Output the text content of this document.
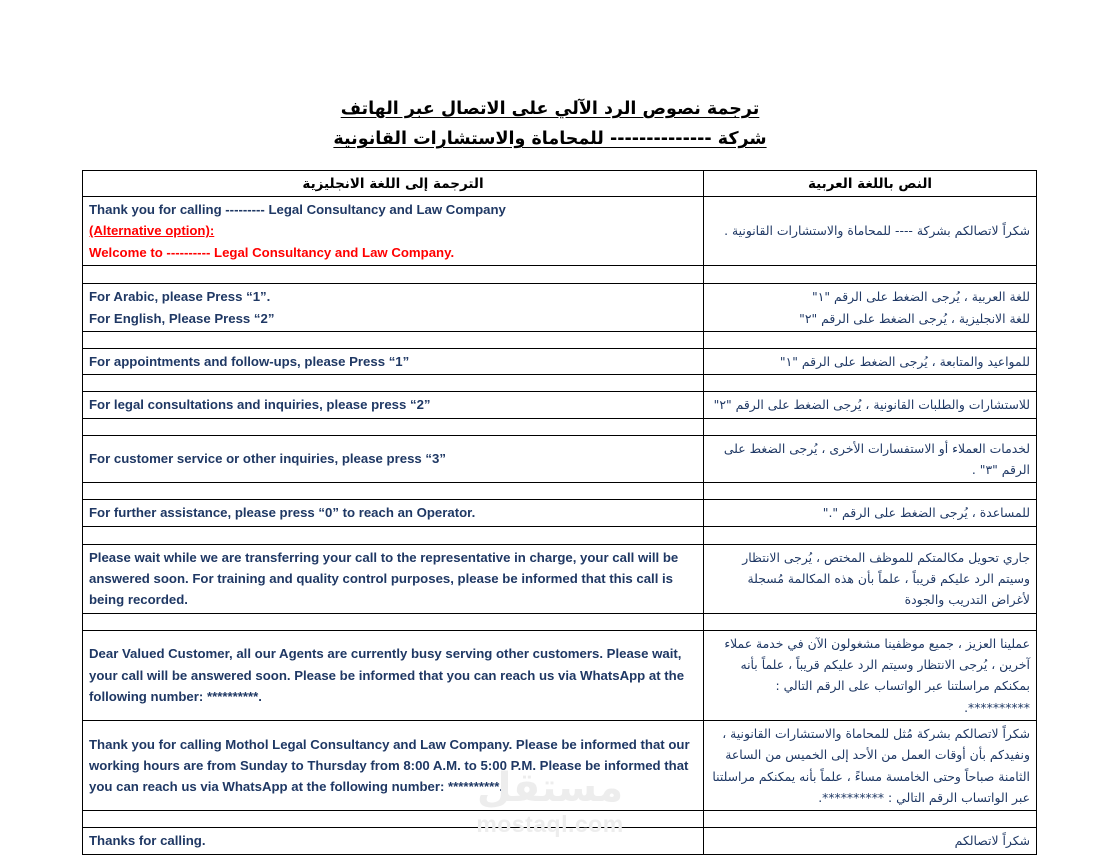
ترجمة نصوص الرد الآلي على الاتصال عبر الهاتف
شركة -------------- للمحاماة والاستشارات القانونية
الترجمة إلى اللغة الانجليزية	النص باللغة العربية

Thank you for calling --------- Legal Consultancy and Law Company
(Alternative option):
Welcome to ---------- Legal Consultancy and Law Company.	شكراً لاتصالكم بشركة ---- للمحاماة والاستشارات القانونية .

For Arabic, please Press “1”.
For English, Please Press “2”	للغة العربية ، يُرجى الضغط على الرقم "١"
للغة الانجليزية ، يُرجى الضغط على الرقم "٢"

For appointments and follow-ups, please Press “1”	للمواعيد والمتابعة ، يُرجى الضغط على الرقم "١"

For legal consultations and inquiries, please press “2”	للاستشارات والطلبات القانونية ، يُرجى الضغط على الرقم "٢"

For customer service or other inquiries, please press “3”	لخدمات العملاء أو الاستفسارات الأخرى ، يُرجى الضغط على الرقم "٣" .

For further assistance, please press “0” to reach an Operator.	للمساعدة ، يُرجى الضغط على الرقم "."

Please wait while we are transferring your call to the representative in charge, your call will be answered soon. For training and quality control purposes, please be informed that this call is being recorded.	جاري تحويل مكالمتكم للموظف المختص ، يُرجى الانتظار وسيتم الرد عليكم قريباً ، علماً بأن هذه المكالمة مُسجلة لأغراض التدريب والجودة

Dear Valued Customer, all our Agents are currently busy serving other customers. Please wait, your call will be answered soon. Please be informed that you can reach us via WhatsApp at the following number: **********.	عملينا العزيز ، جميع موظفينا مشغولون الآن في خدمة عملاء آخرين ، يُرجى الانتظار وسيتم الرد عليكم قريباً ، علماً بأنه بمكنكم مراسلتنا عبر الواتساب على الرقم التالي : **********.
Thank you for calling Mothol Legal Consultancy and Law Company. Please be informed that our working hours are from Sunday to Thursday from 8:00 A.M. to 5:00 P.M. Please be informed that you can reach us via WhatsApp at the following number: **********.	شكراً لاتصالكم بشركة مُثل للمحاماة والاستشارات القانونية ، ونفيدكم بأن أوقات العمل من الأحد إلى الخميس من الساعة الثامنة صباحاً وحتى الخامسة مساءً ، علماً بأنه يمكنكم مراسلتنا عبر الواتساب الرقم التالي : **********.

Thanks for calling.	شكراً لاتصالكم
مستقل
mostaql.com
